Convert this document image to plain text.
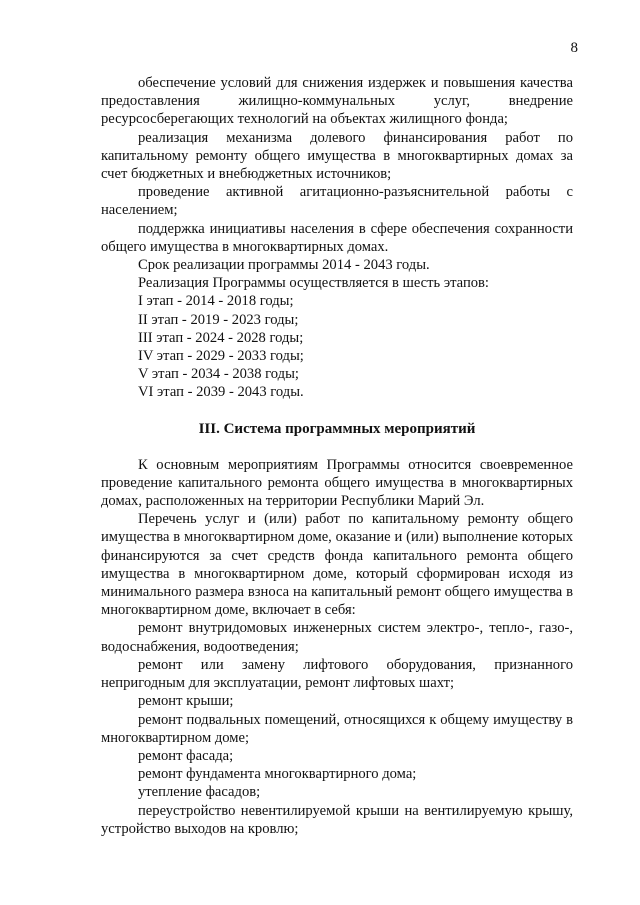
8

обеспечение условий для снижения издержек и повышения качества предоставления жилищно-коммунальных услуг, внедрение ресурсосберегающих технологий на объектах жилищного фонда;

реализация механизма долевого финансирования работ по капитальному ремонту общего имущества в многоквартирных домах за счет бюджетных и внебюджетных источников;

проведение активной агитационно-разъяснительной работы с населением;

поддержка инициативы населения в сфере обеспечения сохранности общего имущества в многоквартирных домах.

Срок реализации программы 2014 - 2043 годы.

Реализация Программы осуществляется в шесть этапов:

I этап - 2014 - 2018 годы;

II этап - 2019 - 2023 годы;

III этап - 2024 - 2028 годы;

IV этап - 2029 - 2033 годы;

V этап - 2034 - 2038 годы;

VI этап - 2039 - 2043 годы.

III. Система программных мероприятий

К основным мероприятиям Программы относится своевременное проведение капитального ремонта общего имущества в многоквартирных домах, расположенных на территории Республики Марий Эл.

Перечень услуг и (или) работ по капитальному ремонту общего имущества в многоквартирном доме, оказание и (или) выполнение которых финансируются за счет средств фонда капитального ремонта общего имущества в многоквартирном доме, который сформирован исходя из минимального размера взноса на капитальный ремонт общего имущества в многоквартирном доме, включает в себя:

ремонт внутридомовых инженерных систем электро-, тепло-, газо-, водоснабжения, водоотведения;

ремонт или замену лифтового оборудования, признанного непригодным для эксплуатации, ремонт лифтовых шахт;

ремонт крыши;

ремонт подвальных помещений, относящихся к общему имуществу в многоквартирном доме;

ремонт фасада;

ремонт фундамента многоквартирного дома;

утепление фасадов;

переустройство невентилируемой крыши на вентилируемую крышу, устройство выходов на кровлю;
